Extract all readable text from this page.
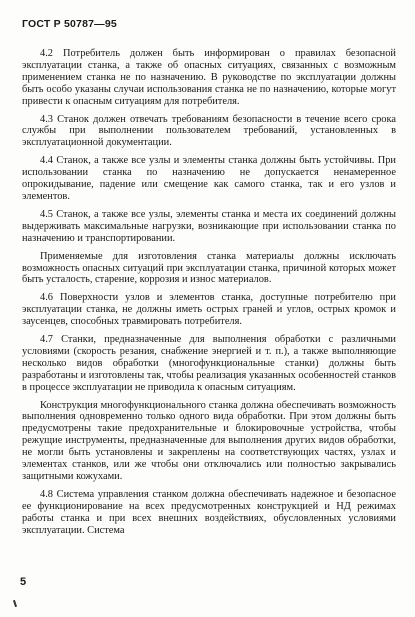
ГОСТ Р 50787—95

4.2 Потребитель должен быть информирован о правилах безопасной эксплуатации станка, а также об опасных ситуациях, связанных с возможным применением станка не по назначению. В руководстве по эксплуатации должны быть особо указаны случаи использования станка не по назначению, которые могут привести к опасным ситуациям для потребителя.

4.3 Станок должен отвечать требованиям безопасности в течение всего срока службы при выполнении пользователем требований, установленных в эксплуатационной документации.

4.4 Станок, а также все узлы и элементы станка должны быть устойчивы. При использовании станка по назначению не допускается ненамеренное опрокидывание, падение или смещение как самого станка, так и его узлов и элементов.

4.5 Станок, а также все узлы, элементы станка и места их соединений должны выдерживать максимальные нагрузки, возникающие при использовании станка по назначению и транспортировании.

Применяемые для изготовления станка материалы должны исключать возможность опасных ситуаций при эксплуатации станка, причиной которых может быть усталость, старение, коррозия и износ материалов.

4.6 Поверхности узлов и элементов станка, доступные потребителю при эксплуатации станка, не должны иметь острых граней и углов, острых кромок и заусенцев, способных травмировать потребителя.

4.7 Станки, предназначенные для выполнения обработки с различными условиями (скорость резания, снабжение энергией и т. п.), а также выполняющие несколько видов обработки (многофункциональные станки) должны быть разработаны и изготовлены так, чтобы реализация указанных особенностей станков в процессе эксплуатации не приводила к опасным ситуациям.

Конструкция многофункционального станка должна обеспечивать возможность выполнения одновременно только одного вида обработки. При этом должны быть предусмотрены такие предохранительные и блокировочные устройства, чтобы режущие инструменты, предназначенные для выполнения других видов обработки, не могли быть установлены и закреплены на соответствующих частях, узлах и элементах станков, или же чтобы они отключались или полностью закрывались защитными кожухами.

4.8 Система управления станком должна обеспечивать надежное и безопасное ее функционирование на всех предусмотренных конструкцией и НД режимах работы станка и при всех внешних воздействиях, обусловленных условиями эксплуатации. Система

5
